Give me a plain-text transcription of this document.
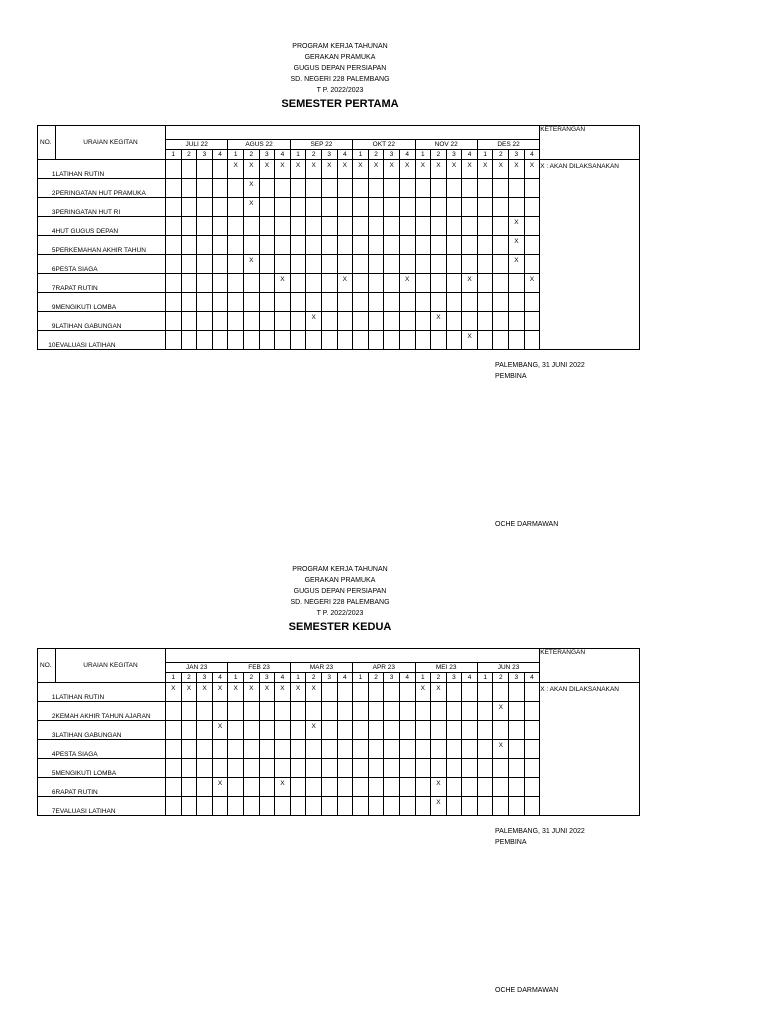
PROGRAM KERJA TAHUNAN
GERAKAN PRAMUKA
GUGUS DEPAN PERSIAPAN
SD. NEGERI 228 PALEMBANG
T P. 2022/2023
SEMESTER PERTAMA
NO.	URAIAN KEGITAN																									KETERANGAN
		JULI 22				AGUS 22				SEP 22				OKT 22				NOV 22				DES 22				
		1	2	3	4	1	2	3	4	1	2	3	4	1	2	3	4	1	2	3	4	1	2	3	4	
1	LATIHAN RUTIN					X	X	X	X	X	X	X	X	X	X	X	X	X	X	X	X	X	X	X	X	X : AKAN DILAKSANAKAN
2	PERINGATAN HUT PRAMUKA						X																			
3	PERINGATAN HUT RI						X																			
4	HUT GUGUS DEPAN																							X		
5	PERKEMAHAN AKHIR TAHUN																							X		
6	PESTA SIAGA						X																	X		
7	RAPAT RUTIN								X				X				X				X				X	
9	MENGIKUTI LOMBA																									
9	LATIHAN GABUNGAN										X								X							
10	EVALUASI LATIHAN																				X					
PALEMBANG, 31 JUNI 2022
PEMBINA
OCHE DARMAWAN
PROGRAM KERJA TAHUNAN
GERAKAN PRAMUKA
GUGUS DEPAN PERSIAPAN
SD. NEGERI 228 PALEMBANG
T P. 2022/2023
SEMESTER KEDUA
NO.	URAIAN KEGITAN																									KETERANGAN
		JAN 23				FEB 23				MAR 23				APR 23				MEI 23				JUN 23				
		1	2	3	4	1	2	3	4	1	2	3	4	1	2	3	4	1	2	3	4	1	2	3	4	
1	LATIHAN RUTIN	X	X	X	X	X	X	X	X	X	X							X	X							X : AKAN DILAKSANAKAN
2	KEMAH AKHIR TAHUN AJARAN																						X			
3	LATIHAN GABUNGAN				X						X															
4	PESTA SIAGA																						X			
5	MENGIKUTI LOMBA																									
6	RAPAT RUTIN				X				X										X							
7	EVALUASI LATIHAN																		X							
PALEMBANG, 31 JUNI 2022
PEMBINA
OCHE DARMAWAN
